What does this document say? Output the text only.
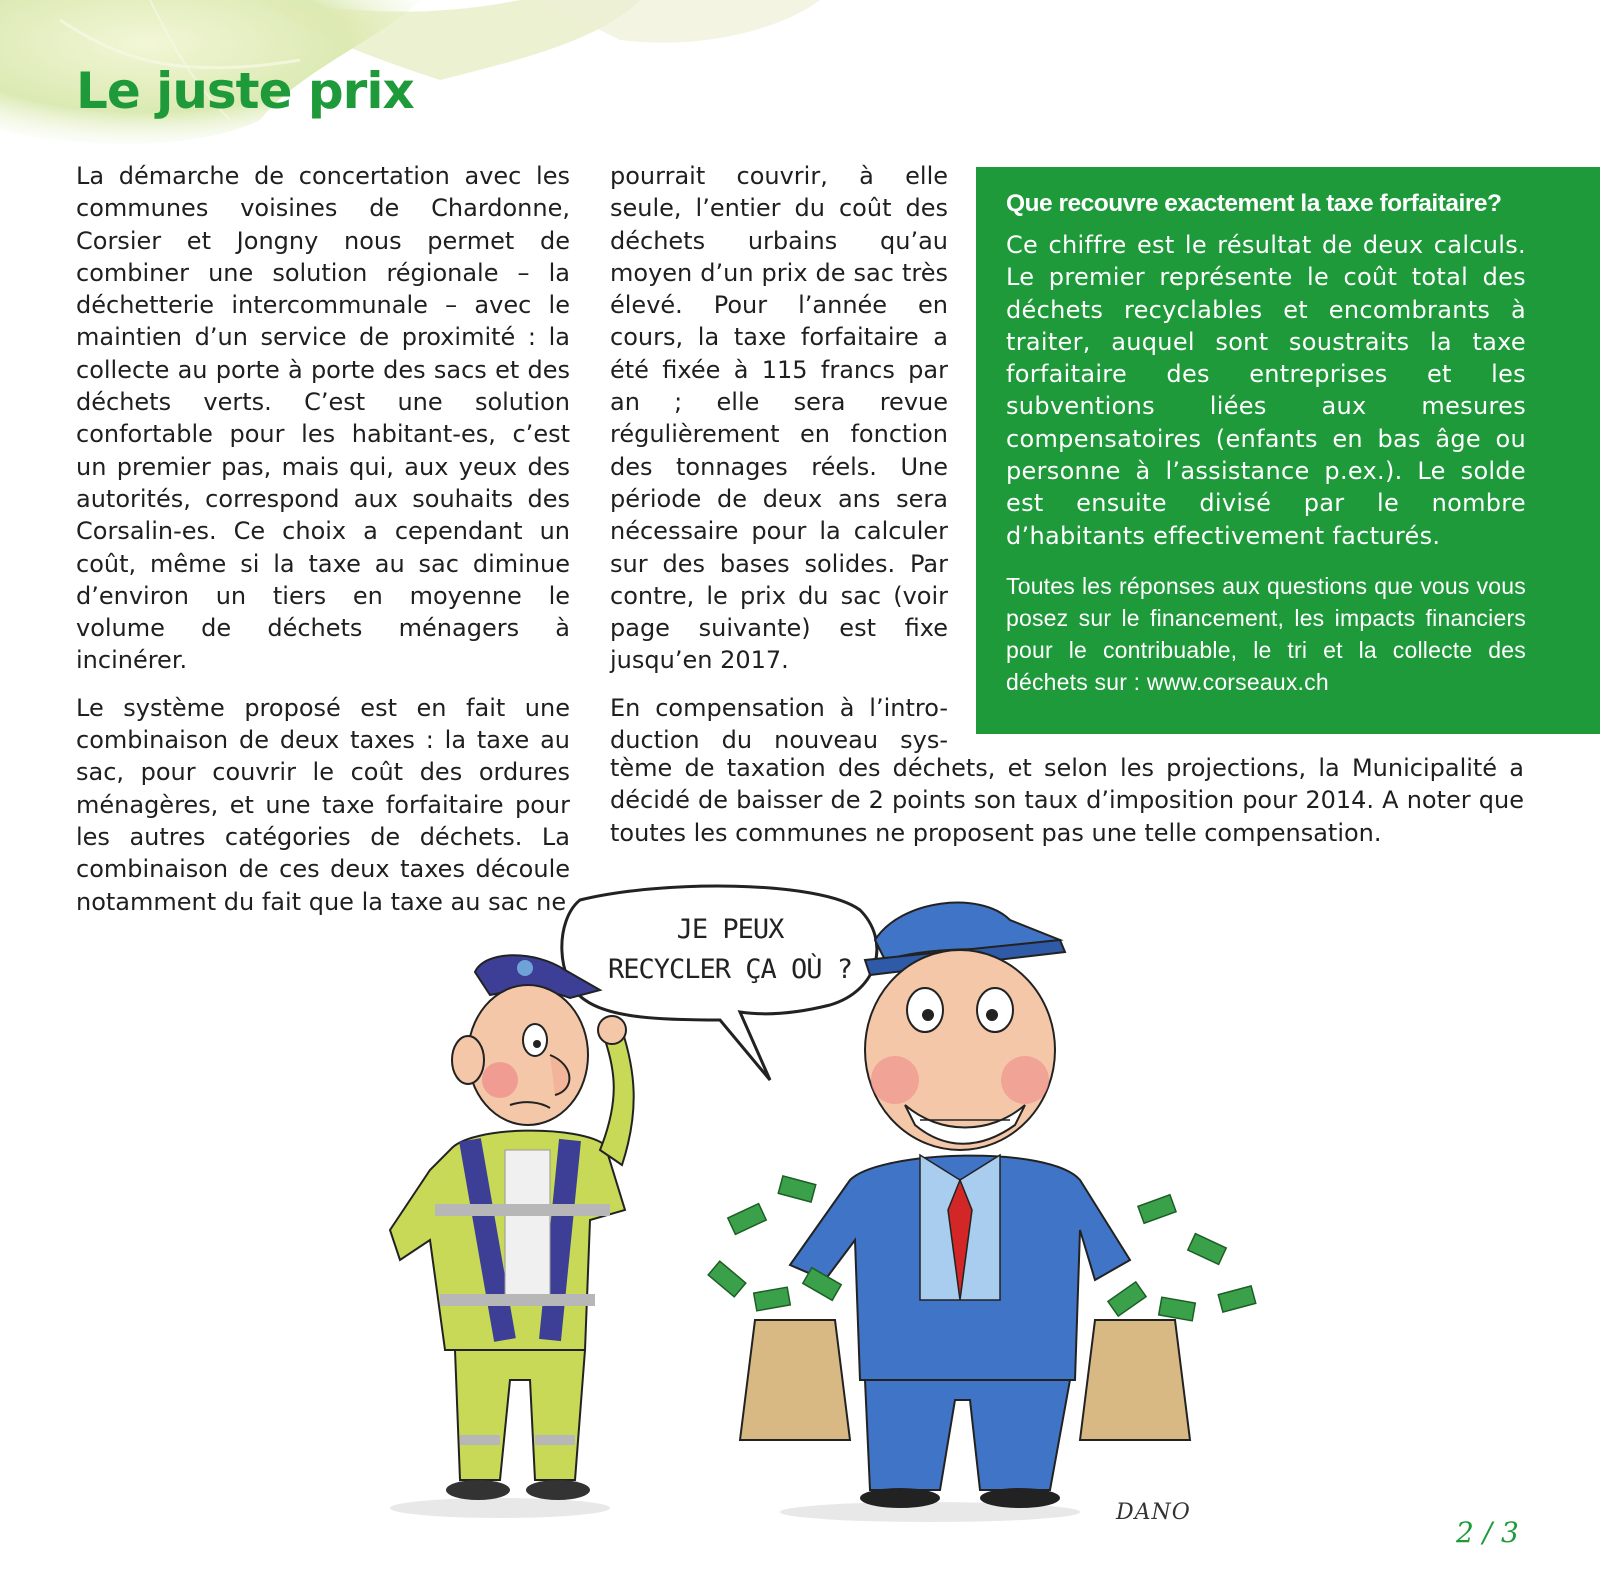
Le juste prix

La démarche de concertation avec les communes voisines de Chardonne, Corsier et Jongny nous permet de combiner une solution régionale – la déchetterie intercommunale – avec le maintien d’un service de proximité : la collecte au porte à porte des sacs et des déchets verts. C’est une solution confortable pour les habitant-es, c’est un premier pas, mais qui, aux yeux des autorités, correspond aux souhaits des Corsalin-es. Ce choix a cependant un coût, même si la taxe au sac diminue d’environ un tiers en moyenne le volume de déchets ménagers à incinérer.

Le système proposé est en fait une combinaison de deux taxes : la taxe au sac, pour couvrir le coût des ordures ménagères, et une taxe forfaitaire pour les autres catégories de déchets. La combinaison de ces deux taxes découle notamment du fait que la taxe au sac ne

pourrait couvrir, à elle seule, l’entier du coût des déchets urbains qu’au moyen d’un prix de sac très élevé. Pour l’année en cours, la taxe forfaitaire a été fixée à 115 francs par an ; elle sera revue régulièrement en fonction des tonnages réels. Une période de deux ans sera nécessaire pour la calculer sur des bases solides. Par contre, le prix du sac (voir page suivante) est fixe jusqu’en 2017.

En compensation à l’intro-
duction du nouveau sys-
tème de taxation des déchets, et selon les projections, la Municipalité a
décidé de baisser de 2 points son taux d’imposition pour 2014. A noter que
toutes les communes ne proposent pas une telle compensation.
Que recouvre exactement la taxe forfaitaire?

Ce chiffre est le résultat de deux calculs. Le premier représente le coût total des déchets recyclables et encombrants à traiter, auquel sont soustraits la taxe forfaitaire des entreprises et les subventions liées aux mesures compensatoires (enfants en bas âge ou personne à l’assistance p.ex.). Le solde est ensuite divisé par le nombre d’habitants effectivement facturés.

Toutes les réponses aux questions que vous vous posez sur le financement, les impacts financiers pour le contribuable, le tri et la collecte des déchets sur : www.corseaux.ch

JE PEUX
RECYCLER ÇA OÙ ?
DANO
2 / 3
